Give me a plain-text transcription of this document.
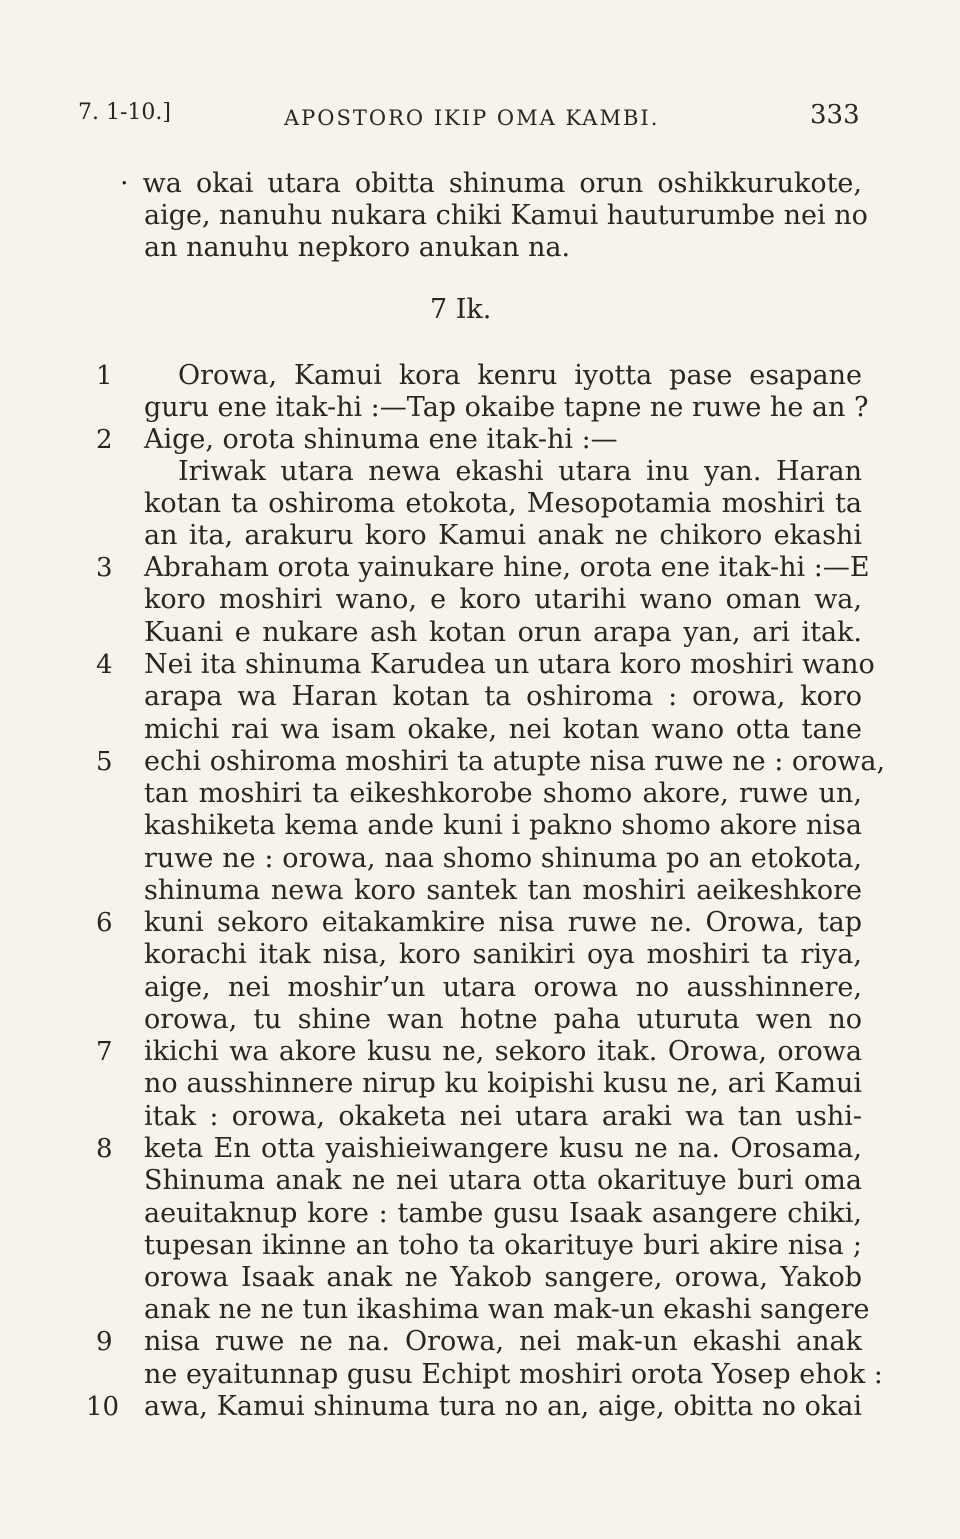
7. 1-10.]	APOSTORO IKIP OMA KAMBI.	333
· wa okai utara obitta shinuma orun oshikkurukote,
aige, nanuhu nukara chiki Kamui hauturumbe nei no
an nanuhu nepkoro anukan na.
7 Ik.
1
2
3
4
5
6
7
8
9
10
Orowa, Kamui kora kenru iyotta pase esapane
guru ene itak-hi :—Tap okaibe tapne ne ruwe he an ?
Aige, orota shinuma ene itak-hi :—
Iriwak utara newa ekashi utara inu yan. Haran
kotan ta oshiroma etokota, Mesopotamia moshiri ta
an ita, arakuru koro Kamui anak ne chikoro ekashi
Abraham orota yainukare hine, orota ene itak-hi :—E
koro moshiri wano, e koro utarihi wano oman wa,
Kuani e nukare ash kotan orun arapa yan, ari itak.
Nei ita shinuma Karudea un utara koro moshiri wano
arapa wa Haran kotan ta oshiroma : orowa, koro
michi rai wa isam okake, nei kotan wano otta tane
echi oshiroma moshiri ta atupte nisa ruwe ne : orowa,
tan moshiri ta eikeshkorobe shomo akore, ruwe un,
kashiketa kema ande kuni i pakno shomo akore nisa
ruwe ne : orowa, naa shomo shinuma po an etokota,
shinuma newa koro santek tan moshiri aeikeshkore
kuni sekoro eitakamkire nisa ruwe ne. Orowa, tap
korachi itak nisa, koro sanikiri oya moshiri ta riya,
aige, nei moshir’un utara orowa no ausshinnere,
orowa, tu shine wan hotne paha uturuta wen no
ikichi wa akore kusu ne, sekoro itak. Orowa, orowa
no ausshinnere nirup ku koipishi kusu ne, ari Kamui
itak : orowa, okaketa nei utara araki wa tan ushi-
keta En otta yaishieiwangere kusu ne na. Orosama,
Shinuma anak ne nei utara otta okarituye buri oma
aeuitaknup kore : tambe gusu Isaak asangere chiki,
tupesan ikinne an toho ta okarituye buri akire nisa ;
orowa Isaak anak ne Yakob sangere, orowa, Yakob
anak ne ne tun ikashima wan mak-un ekashi sangere
nisa ruwe ne na. Orowa, nei mak-un ekashi anak
ne eyaitunnap gusu Echipt moshiri orota Yosep ehok :
awa, Kamui shinuma tura no an, aige, obitta no okai
